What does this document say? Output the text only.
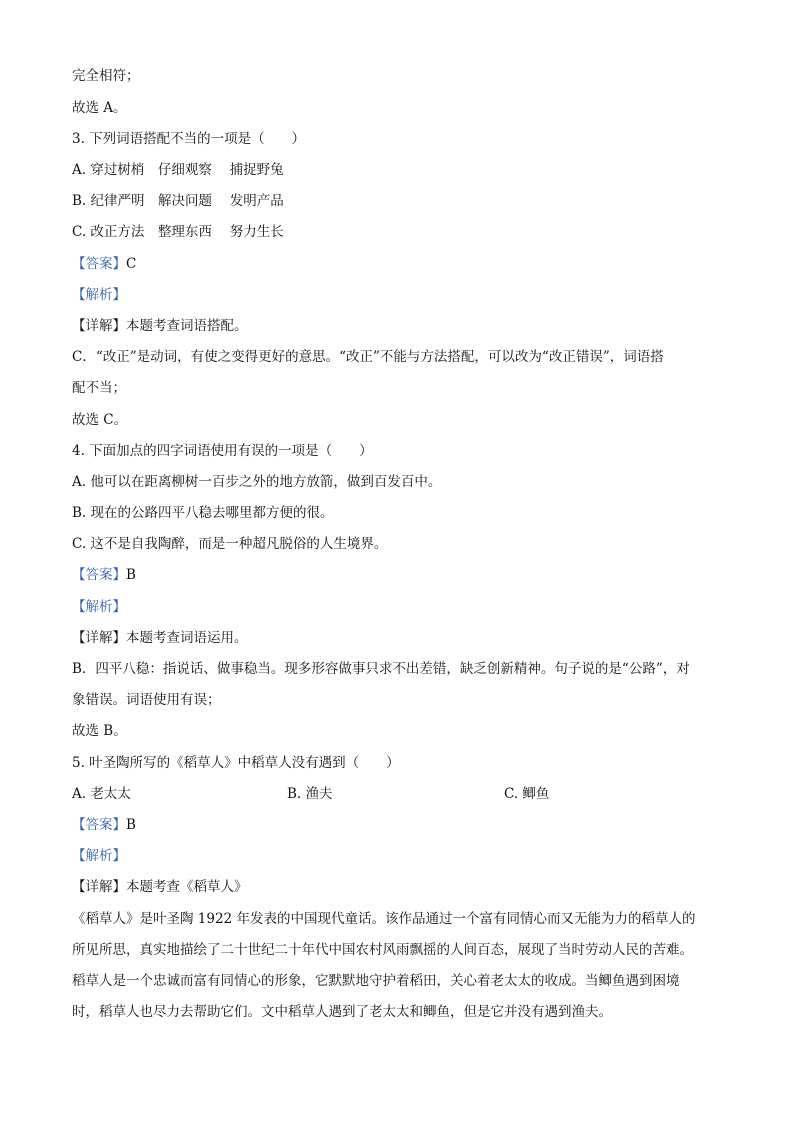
完全相符；
故选 A。
3. 下列词语搭配不当的一项是（　　）
A. 穿过树梢　仔细观察　 捕捉野兔
B. 纪律严明　解决问题　 发明产品
C. 改正方法　整理东西　 努力生长
【答案】C
【解析】
【详解】本题考查词语搭配。
C．“改正”是动词，有使之变得更好的意思。“改正”不能与方法搭配，可以改为“改正错误”，词语搭
配不当；
故选 C。
4. 下面加点的四字词语使用有误的一项是（　　）
A. 他可以在距离柳树一百步之外的地方放箭，做到百发百中。
B. 现在的公路四平八稳去哪里都方便的很。
C. 这不是自我陶醉，而是一种超凡脱俗的人生境界。
【答案】B
【解析】
【详解】本题考查词语运用。
B．四平八稳：指说话、做事稳当。现多形容做事只求不出差错，缺乏创新精神。句子说的是“公路”，对
象错误。词语使用有误；
故选 B。
5. 叶圣陶所写的《稻草人》中稻草人没有遇到（　　）
A. 老太太	B. 渔夫	C. 鲫鱼
【答案】B
【解析】
【详解】本题考查《稻草人》
《稻草人》是叶圣陶 1922 年发表的中国现代童话。该作品通过一个富有同情心而又无能为力的稻草人的
所见所思，真实地描绘了二十世纪二十年代中国农村风雨飘摇的人间百态，展现了当时劳动人民的苦难。
稻草人是一个忠诚而富有同情心的形象，它默默地守护着稻田，关心着老太太的收成。当鲫鱼遇到困境
时，稻草人也尽力去帮助它们。文中稻草人遇到了老太太和鲫鱼，但是它并没有遇到渔夫。
